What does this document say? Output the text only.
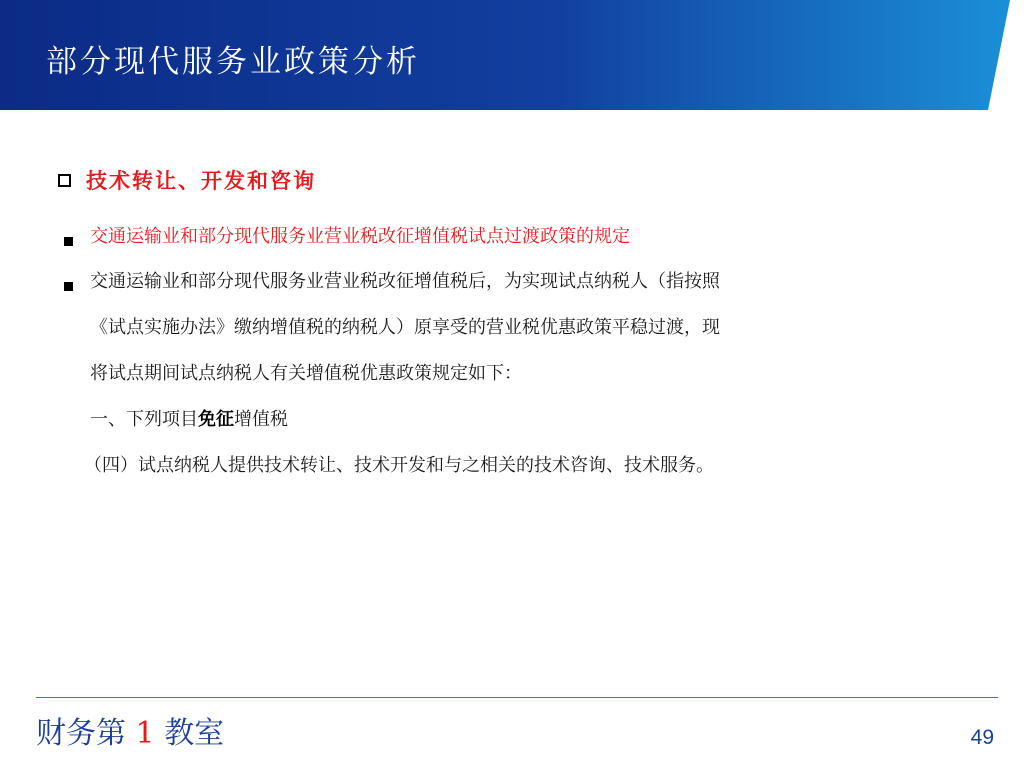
部分现代服务业政策分析
技术转让、开发和咨询
交通运输业和部分现代服务业营业税改征增值税试点过渡政策的规定
交通运输业和部分现代服务业营业税改征增值税后，为实现试点纳税人（指按照
《试点实施办法》缴纳增值税的纳税人）原享受的营业税优惠政策平稳过渡，现
将试点期间试点纳税人有关增值税优惠政策规定如下：
一、下列项目免征增值税
（四）试点纳税人提供技术转让、技术开发和与之相关的技术咨询、技术服务。
财务第 1 教室	49
